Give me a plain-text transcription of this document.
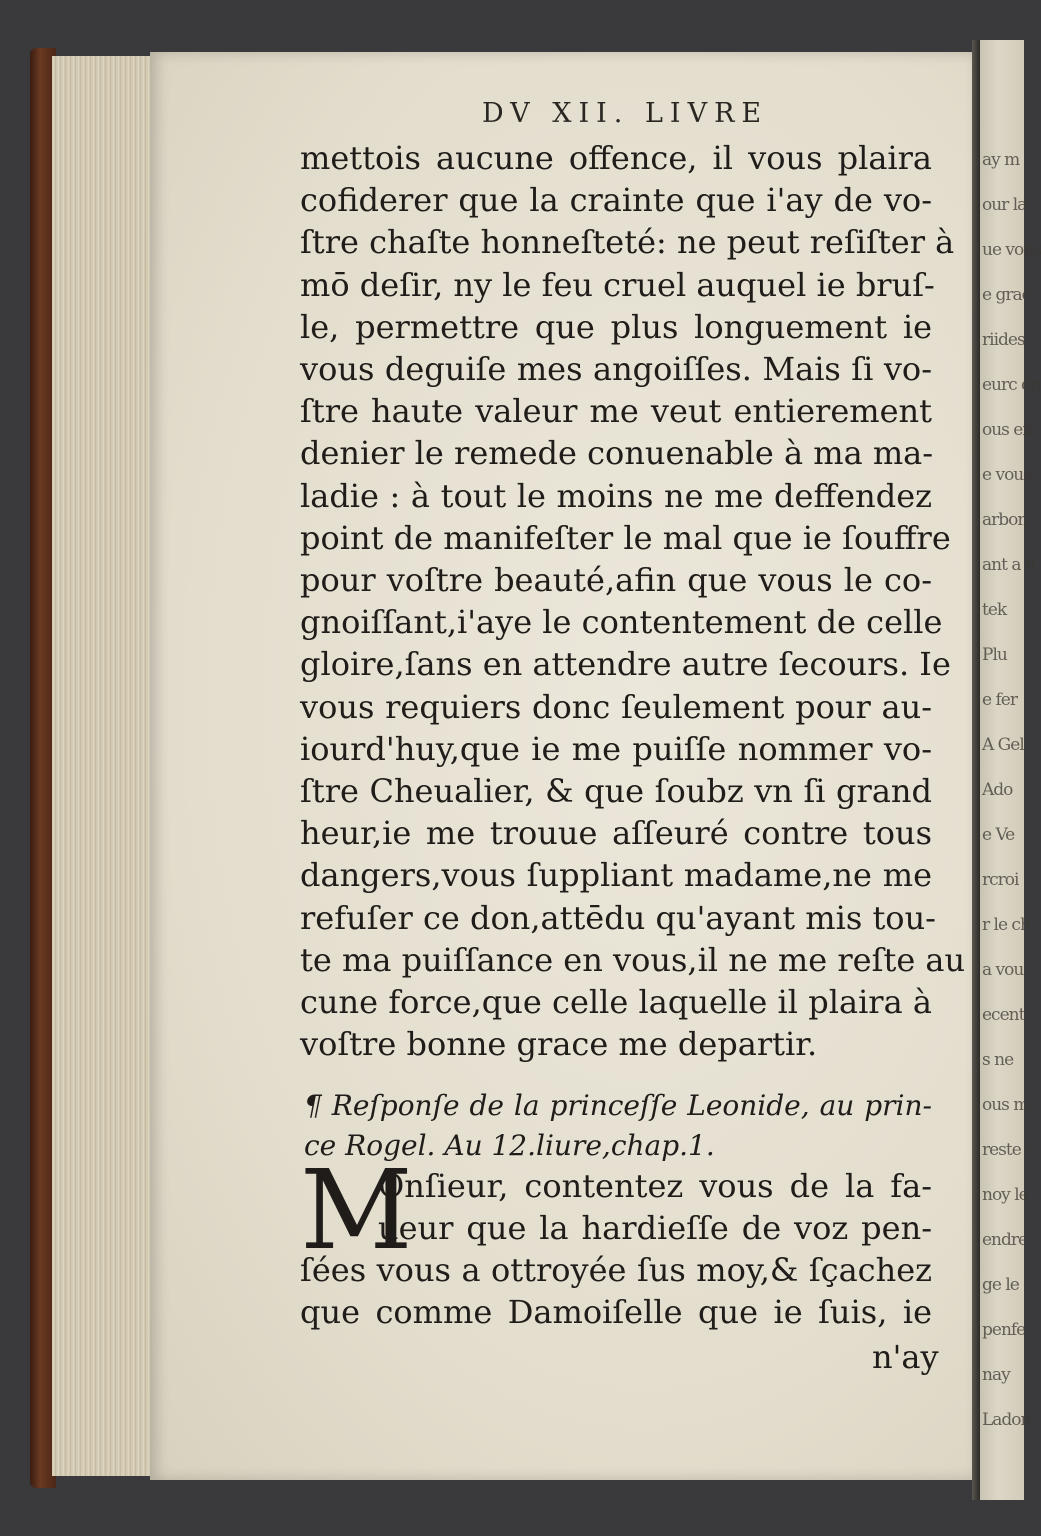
ay m
our la
ue vous
e grac
riides
eurc en
ous en
e vous
arbon
ant a n
tek
Plu
e fer
A Gel
Ado
e Ve
rcroi
r le ch
a vou
ecent
s ne
ous m
reste v
noy le
endre
ge le
penfe
nay
Ladon
DV XII. LIVRE
mettois aucune offence, il vous plaira
cofiderer que la crainte que i'ay de vo-
ſtre chaſte honneſteté: ne peut reſiſter à
mō deſir, ny le feu cruel auquel ie bruſ-
le, permettre que plus longuement ie
vous deguiſe mes angoiſſes. Mais ſi vo-
ſtre haute valeur me veut entierement
denier le remede conuenable à ma ma-
ladie : à tout le moins ne me deffendez
point de manifeſter le mal que ie ſouffre
pour voſtre beauté,afin que vous le co-
gnoiſſant,i'aye le contentement de celle
gloire,ſans en attendre autre ſecours. Ie
vous requiers donc ſeulement pour au-
iourd'huy,que ie me puiſſe nommer vo-
ſtre Cheualier, & que ſoubz vn ſi grand
heur,ie me trouue aſſeuré contre tous
dangers,vous ſuppliant madame,ne me
refuſer ce don,attēdu qu'ayant mis tou-
te ma puiſſance en vous,il ne me reſte au
cune force,que celle laquelle il plaira à
voſtre bonne grace me departir.
¶ Reſponſe de la princeſſe Leonide, au prin-
ce Rogel. Au 12.liure,chap.1.
M
Onſieur, contentez vous de la fa-
ueur que la hardieſſe de voz pen-
ſées vous a ottroyée ſus moy,& ſçachez
que comme Damoiſelle que ie ſuis, ie
n'ay
